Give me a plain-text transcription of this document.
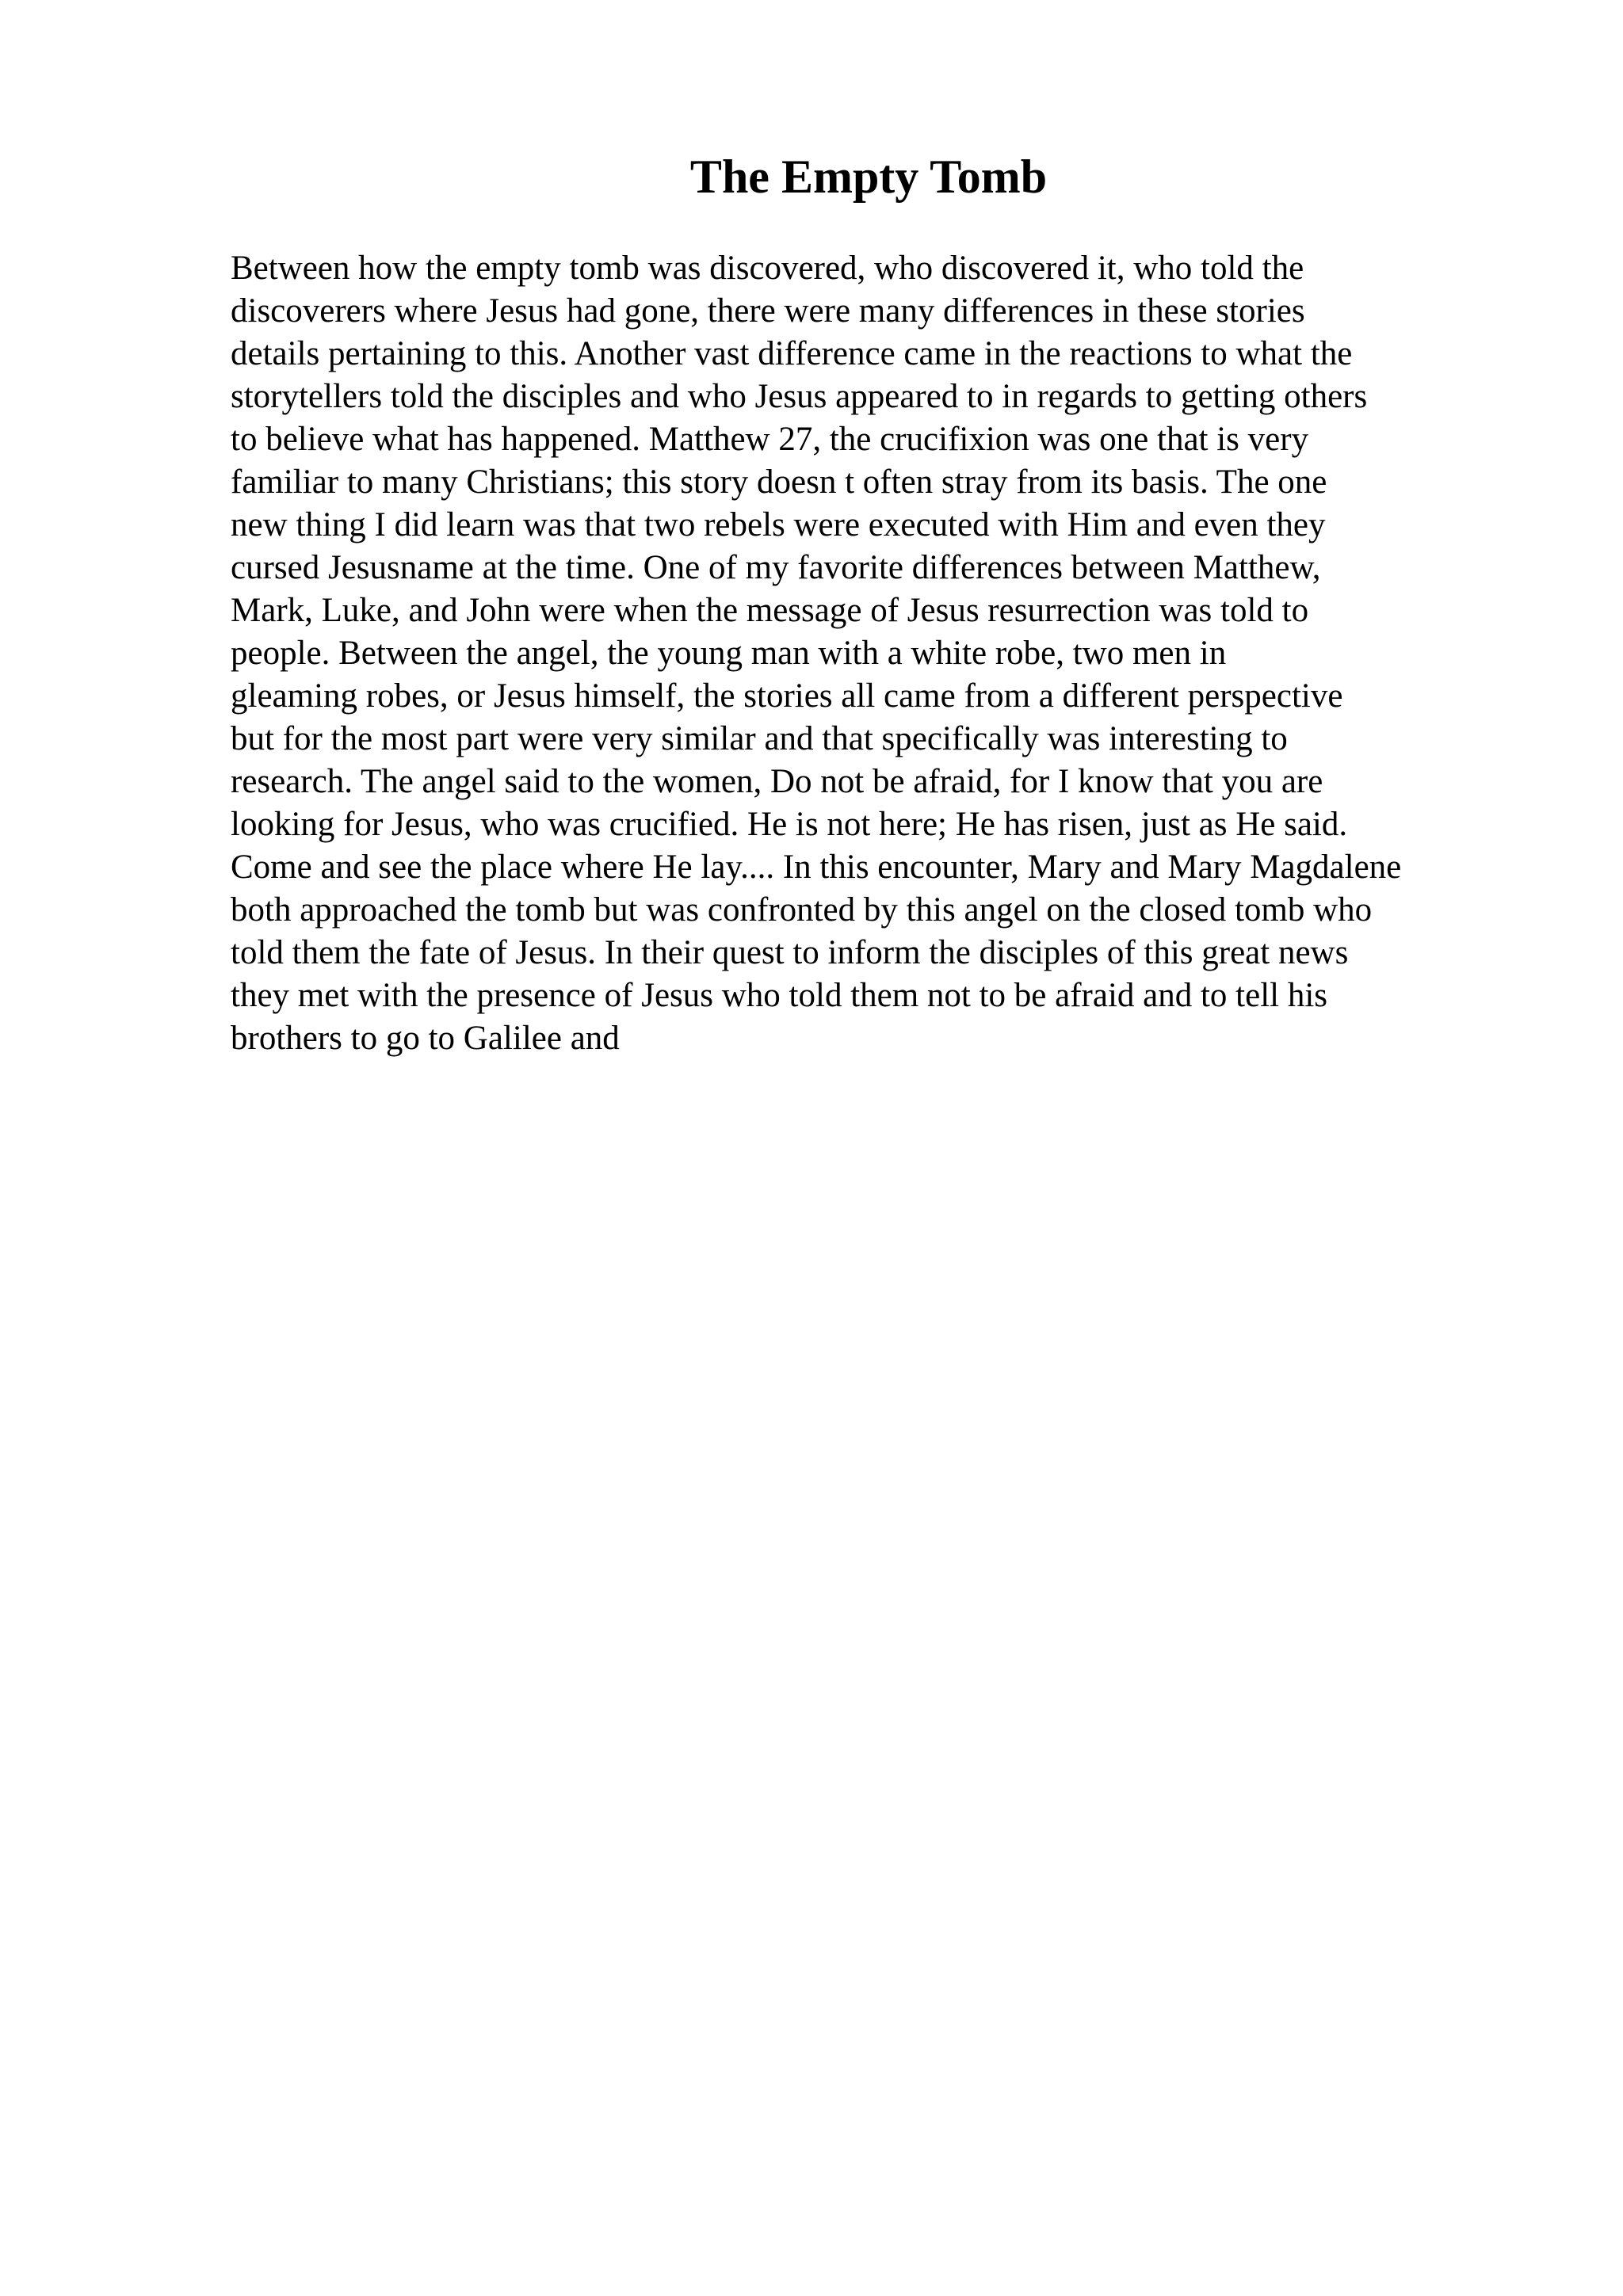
The Empty Tomb
Between how the empty tomb was discovered, who discovered it, who told the
discoverers where Jesus had gone, there were many differences in these stories
details pertaining to this. Another vast difference came in the reactions to what the
storytellers told the disciples and who Jesus appeared to in regards to getting others
to believe what has happened. Matthew 27, the crucifixion was one that is very
familiar to many Christians; this story doesn t often stray from its basis. The one
new thing I did learn was that two rebels were executed with Him and even they
cursed Jesusname at the time. One of my favorite differences between Matthew,
Mark, Luke, and John were when the message of Jesus resurrection was told to
people. Between the angel, the young man with a white robe, two men in
gleaming robes, or Jesus himself, the stories all came from a different perspective
but for the most part were very similar and that specifically was interesting to
research. The angel said to the women, Do not be afraid, for I know that you are
looking for Jesus, who was crucified. He is not here; He has risen, just as He said.
Come and see the place where He lay.... In this encounter, Mary and Mary Magdalene
both approached the tomb but was confronted by this angel on the closed tomb who
told them the fate of Jesus. In their quest to inform the disciples of this great news
they met with the presence of Jesus who told them not to be afraid and to tell his
brothers to go to Galilee and
